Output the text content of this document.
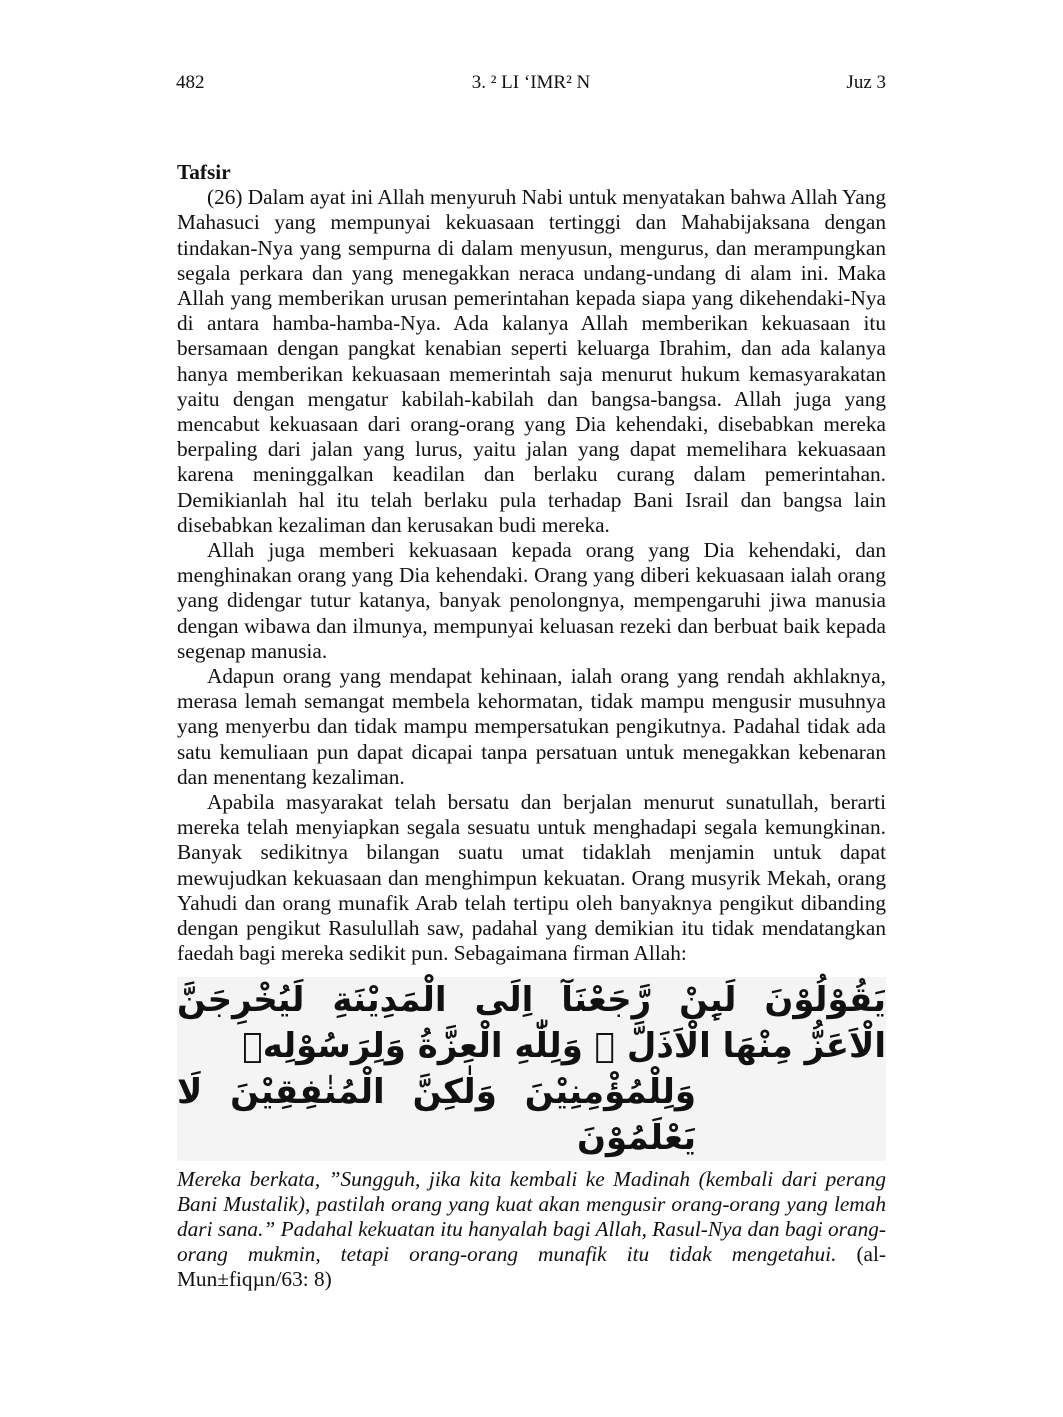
482	3. ² LI ‘IMR² N	Juz 3

Tafsir

(26) Dalam ayat ini Allah menyuruh Nabi untuk menyatakan bahwa Allah Yang Mahasuci yang mempunyai kekuasaan tertinggi dan Mahabijaksana dengan tindakan-Nya yang sempurna di dalam menyusun, mengurus, dan merampungkan segala perkara dan yang menegakkan neraca undang-undang di alam ini. Maka Allah yang memberikan urusan pemerintahan kepada siapa yang dikehendaki-Nya di antara hamba-hamba-Nya. Ada kalanya Allah memberikan kekuasaan itu bersamaan dengan pangkat kenabian seperti keluarga Ibrahim, dan ada kalanya hanya memberikan kekuasaan memerintah saja menurut hukum kemasyarakatan yaitu dengan mengatur kabilah-kabilah dan bangsa-bangsa. Allah juga yang mencabut kekuasaan dari orang-orang yang Dia kehendaki, disebabkan mereka berpaling dari jalan yang lurus, yaitu jalan yang dapat memelihara kekuasaan karena meninggalkan keadilan dan berlaku curang dalam pemerintahan. Demikianlah hal itu telah berlaku pula terhadap Bani Israil dan bangsa lain disebabkan kezaliman dan kerusakan budi mereka.

Allah juga memberi kekuasaan kepada orang yang Dia kehendaki, dan menghinakan orang yang Dia kehendaki. Orang yang diberi kekuasaan ialah orang yang didengar tutur katanya, banyak penolongnya, mempengaruhi jiwa manusia dengan wibawa dan ilmunya, mempunyai keluasan rezeki dan berbuat baik kepada segenap manusia.

Adapun orang yang mendapat kehinaan, ialah orang yang rendah akhlaknya, merasa lemah semangat membela kehormatan, tidak mampu mengusir musuhnya yang menyerbu dan tidak mampu mempersatukan pengikutnya. Padahal tidak ada satu kemuliaan pun dapat dicapai tanpa persatuan untuk menegakkan kebenaran dan menentang kezaliman.

Apabila masyarakat telah bersatu dan berjalan menurut sunatullah, berarti mereka telah menyiapkan segala sesuatu untuk menghadapi segala kemungkinan. Banyak sedikitnya bilangan suatu umat tidaklah menjamin untuk dapat mewujudkan kekuasaan dan menghimpun kekuatan. Orang musyrik Mekah, orang Yahudi dan orang munafik Arab telah tertipu oleh banyaknya pengikut dibanding dengan pengikut Rasulullah saw, padahal yang demikian itu tidak mendatangkan faedah bagi mereka sedikit pun. Sebagaimana firman Allah:

يَقُوْلُوْنَ لَىِٕنْ رَّجَعْنَآ اِلَى الْمَدِيْنَةِ لَيُخْرِجَنَّ الْاَعَزُّ مِنْهَا الْاَذَلَّ ۗ وَلِلّٰهِ الْعِزَّةُ وَلِرَسُوْلِهٖ
وَلِلْمُؤْمِنِيْنَ وَلٰكِنَّ الْمُنٰفِقِيْنَ لَا يَعْلَمُوْنَ

Mereka berkata, ”Sungguh, jika kita kembali ke Madinah (kembali dari perang Bani Mustalik), pastilah orang yang kuat akan mengusir orang-orang yang lemah dari sana.” Padahal kekuatan itu hanyalah bagi Allah, Rasul-Nya dan bagi orang-orang mukmin, tetapi orang-orang munafik itu tidak mengetahui. (al-Mun±fiqµn/63: 8)
